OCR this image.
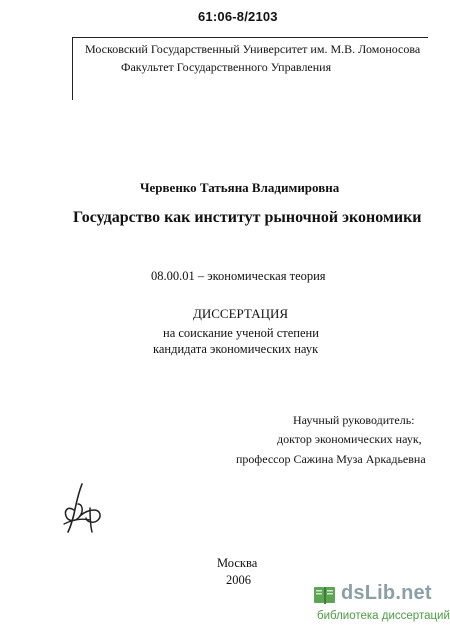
61:06-8/2103
Московский Государственный Университет им. М.В. Ломоносова
Факультет Государственного Управления
Червенко Татьяна Владимировна
Государство как институт рыночной экономики
08.00.01 – экономическая теория
ДИССЕРТАЦИЯ
на соискание ученой степени
кандидата экономических наук
Научный руководитель:
доктор экономических наук,
профессор Сажина Муза Аркадьевна
Москва
2006
dsLib.net
библиотека диссертаций
